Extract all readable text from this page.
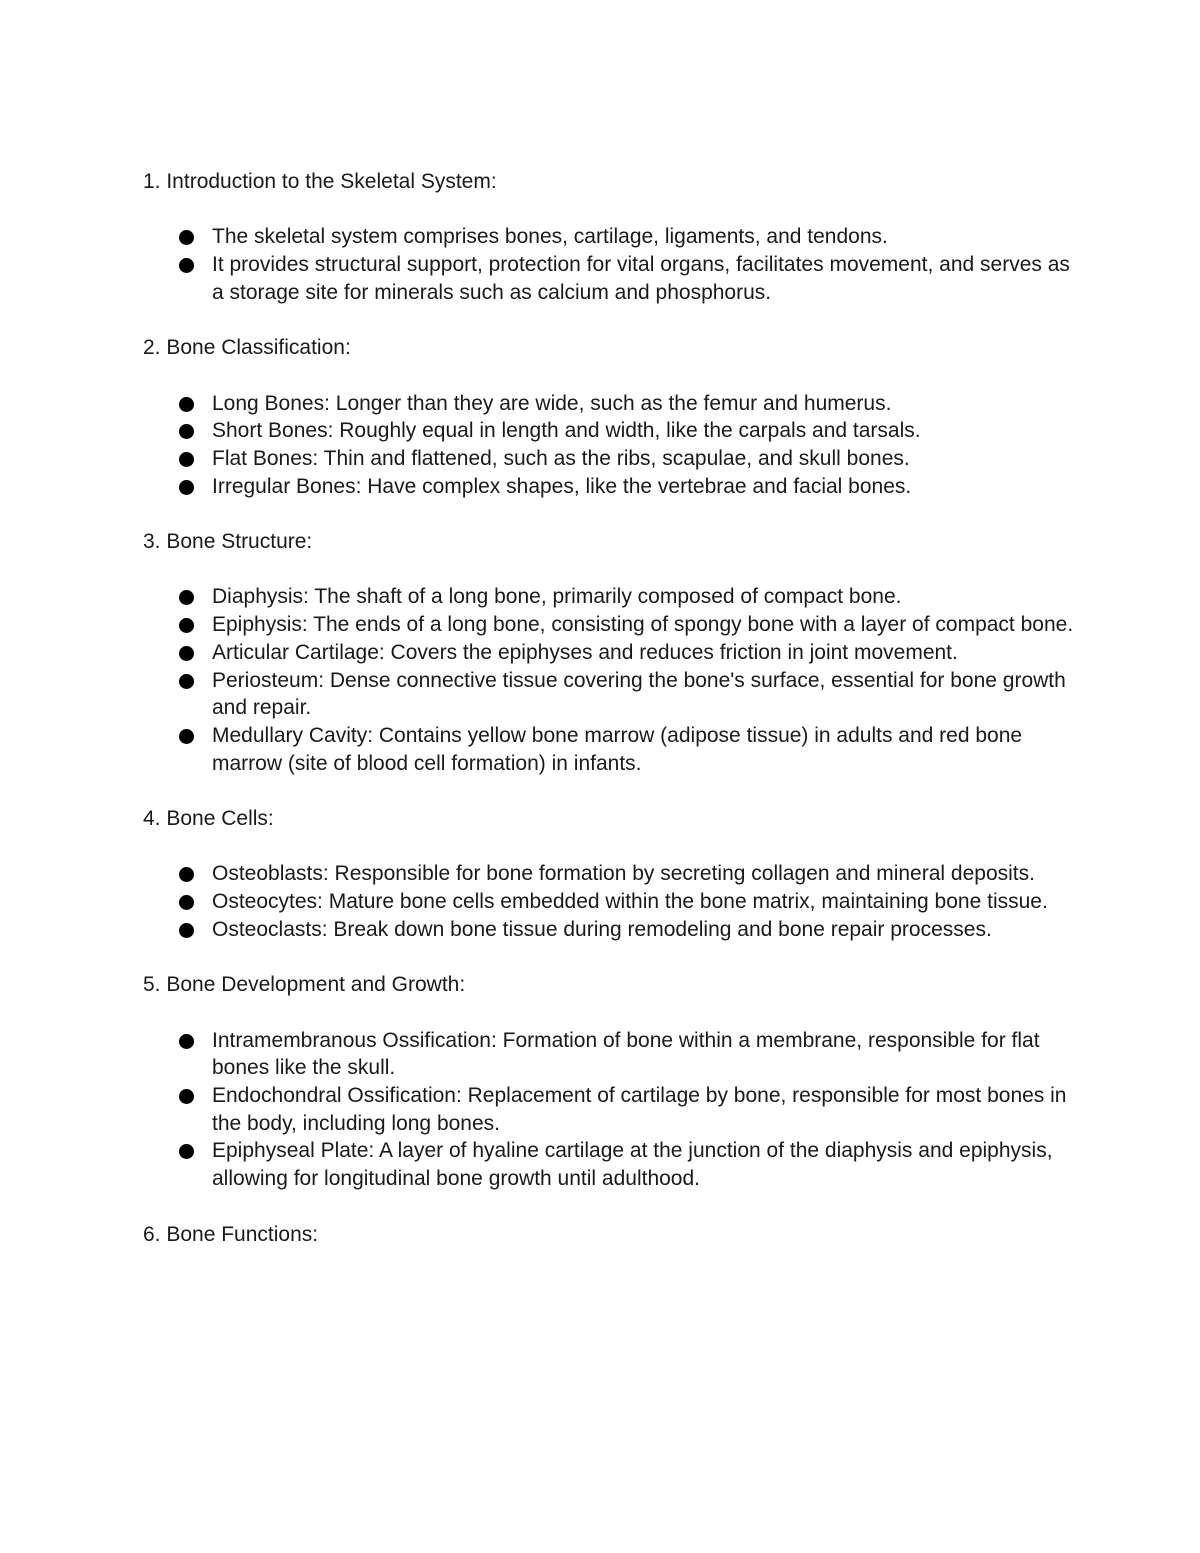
1. Introduction to the Skeletal System:

The skeletal system comprises bones, cartilage, ligaments, and tendons.
It provides structural support, protection for vital organs, facilitates movement, and serves as a storage site for minerals such as calcium and phosphorus.

2. Bone Classification:

Long Bones: Longer than they are wide, such as the femur and humerus.
Short Bones: Roughly equal in length and width, like the carpals and tarsals.
Flat Bones: Thin and flattened, such as the ribs, scapulae, and skull bones.
Irregular Bones: Have complex shapes, like the vertebrae and facial bones.

3. Bone Structure:

Diaphysis: The shaft of a long bone, primarily composed of compact bone.
Epiphysis: The ends of a long bone, consisting of spongy bone with a layer of compact bone.
Articular Cartilage: Covers the epiphyses and reduces friction in joint movement.
Periosteum: Dense connective tissue covering the bone's surface, essential for bone growth and repair.
Medullary Cavity: Contains yellow bone marrow (adipose tissue) in adults and red bone marrow (site of blood cell formation) in infants.

4. Bone Cells:

Osteoblasts: Responsible for bone formation by secreting collagen and mineral deposits.
Osteocytes: Mature bone cells embedded within the bone matrix, maintaining bone tissue.
Osteoclasts: Break down bone tissue during remodeling and bone repair processes.

5. Bone Development and Growth:

Intramembranous Ossification: Formation of bone within a membrane, responsible for flat bones like the skull.
Endochondral Ossification: Replacement of cartilage by bone, responsible for most bones in the body, including long bones.
Epiphyseal Plate: A layer of hyaline cartilage at the junction of the diaphysis and epiphysis, allowing for longitudinal bone growth until adulthood.

6. Bone Functions:
